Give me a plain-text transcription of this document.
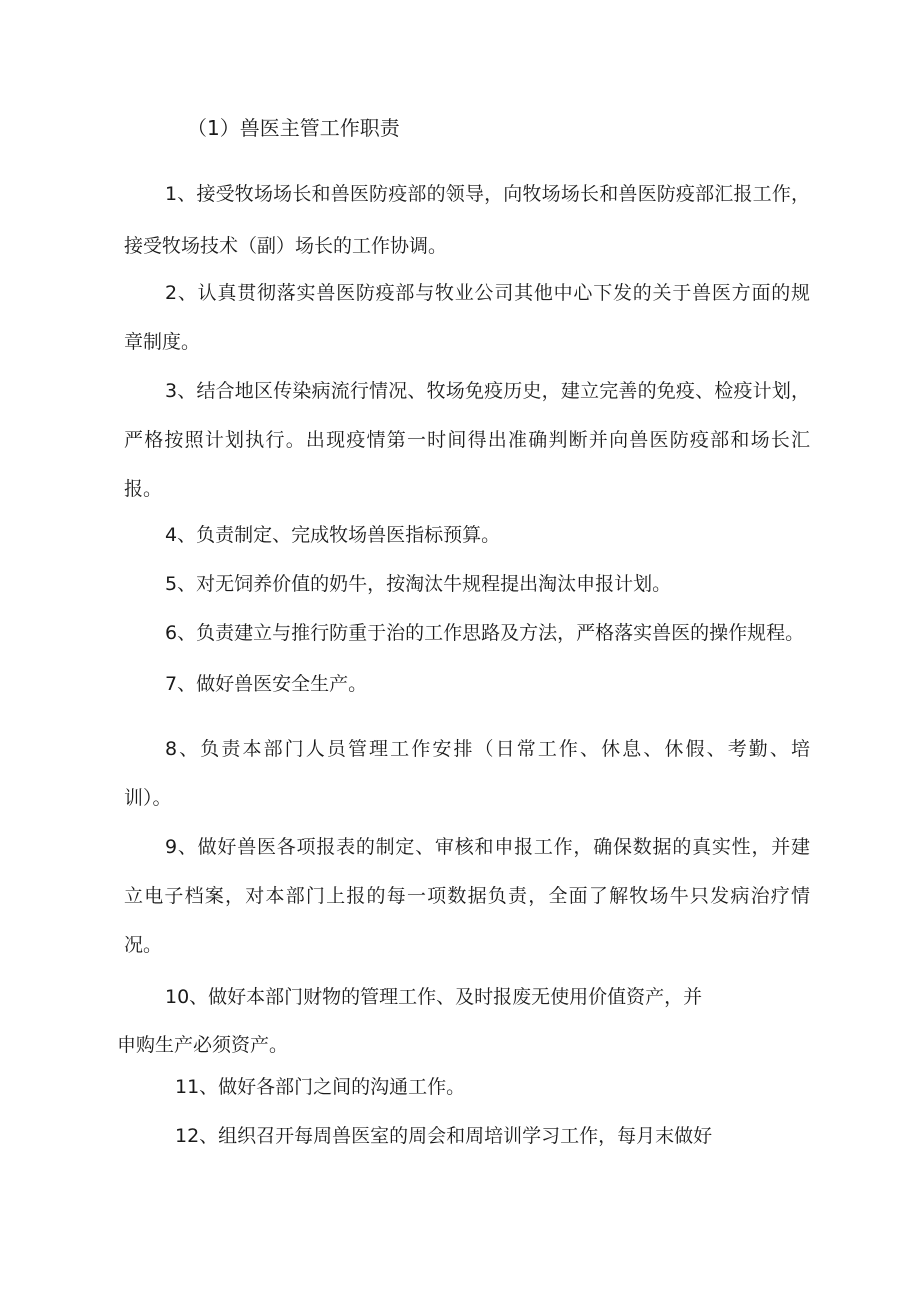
（1）兽医主管工作职责
1、接受牧场场长和兽医防疫部的领导，向牧场场长和兽医防疫部汇报工作，
接受牧场技术（副）场长的工作协调。
2、认真贯彻落实兽医防疫部与牧业公司其他中心下发的关于兽医方面的规
章制度。
3、结合地区传染病流行情况、牧场免疫历史，建立完善的免疫、检疫计划，
严格按照计划执行。出现疫情第一时间得出准确判断并向兽医防疫部和场长汇
报。
4、负责制定、完成牧场兽医指标预算。
5、对无饲养价值的奶牛，按淘汰牛规程提出淘汰申报计划。
6、负责建立与推行防重于治的工作思路及方法，严格落实兽医的操作规程。
7、做好兽医安全生产。
8、负责本部门人员管理工作安排（日常工作、休息、休假、考勤、培
训）。
9、做好兽医各项报表的制定、审核和申报工作，确保数据的真实性，并建
立电子档案，对本部门上报的每一项数据负责，全面了解牧场牛只发病治疗情
况。
10、做好本部门财物的管理工作、及时报废无使用价值资产，并
申购生产必须资产。
11、做好各部门之间的沟通工作。
12、组织召开每周兽医室的周会和周培训学习工作，每月末做好
